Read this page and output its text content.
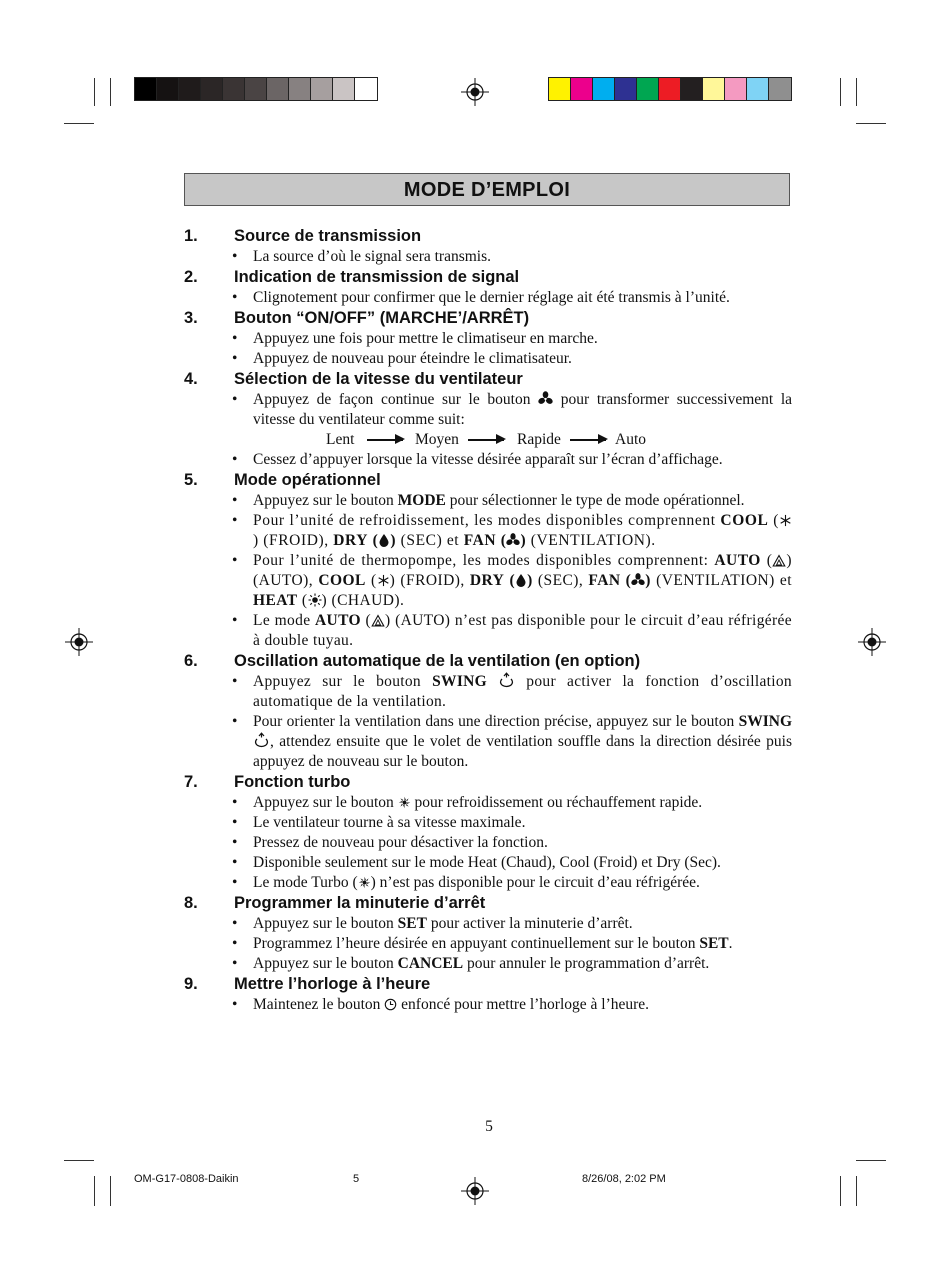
MODE D’EMPLOI
1. Source de transmission
• La source d’où le signal sera transmis.
2. Indication de transmission de signal
• Clignotement pour confirmer que le dernier réglage ait été transmis à l’unité.
3. Bouton “ON/OFF” (MARCHE’/ARRÊT)
• Appuyez une fois pour mettre le climatiseur en marche.
• Appuyez de nouveau pour éteindre le climatisateur.
4. Sélection de la vitesse du ventilateur
• Appuyez de façon continue sur le bouton pour transformer successivement la vitesse du ventilateur comme suit:
Lent	Moyen	Rapide	Auto
• Cessez d’appuyer lorsque la vitesse désirée apparaît sur l’écran d’affichage.
5. Mode opérationnel
• Appuyez sur le bouton MODE pour sélectionner le type de mode opérationnel.
• Pour l’unité de refroidissement, les modes disponibles comprennent COOL () (FROID), DRY ( ) (SEC) et FAN ( ) (VENTILATION).
• Pour l’unité de thermopompe, les modes disponibles comprennent: AUTO ( ) (AUTO), COOL ( ) (FROID), DRY ( ) (SEC), FAN ( ) (VENTILATION) et HEAT ( ) (CHAUD).
• Le mode AUTO ( ) (AUTO) n’est pas disponible pour le circuit d’eau réfrigérée à double tuyau.
6. Oscillation automatique de la ventilation (en option)
• Appuyez sur le bouton SWING	pour activer la fonction d’oscillation automatique de la ventilation.
• Pour orienter la ventilation dans une direction précise, appuyez sur le bouton SWING, attendez ensuite que le volet de ventilation souffle dans la direction désirée puis appuyez de nouveau sur le bouton.
7. Fonction turbo
• Appuyez sur le bouton pour refroidissement ou réchauffement rapide.
• Le ventilateur tourne à sa vitesse maximale.
• Pressez de nouveau pour désactiver la fonction.
• Disponible seulement sur le mode Heat (Chaud), Cool (Froid) et Dry (Sec).
• Le mode Turbo ( ) n’est pas disponible pour le circuit d’eau réfrigérée.
8. Programmer la minuterie d’arrêt
• Appuyez sur le bouton SET pour activer la minuterie d’arrêt.
• Programmez l’heure désirée en appuyant continuellement sur le bouton SET.
• Appuyez sur le bouton CANCEL pour annuler le programmation d’arrêt.
9. Mettre l’horloge à l’heure
• Maintenez le bouton enfoncé pour mettre l’horloge à l’heure.
5
OM-G17-0808-Daikin	5	8/26/08, 2:02 PM
